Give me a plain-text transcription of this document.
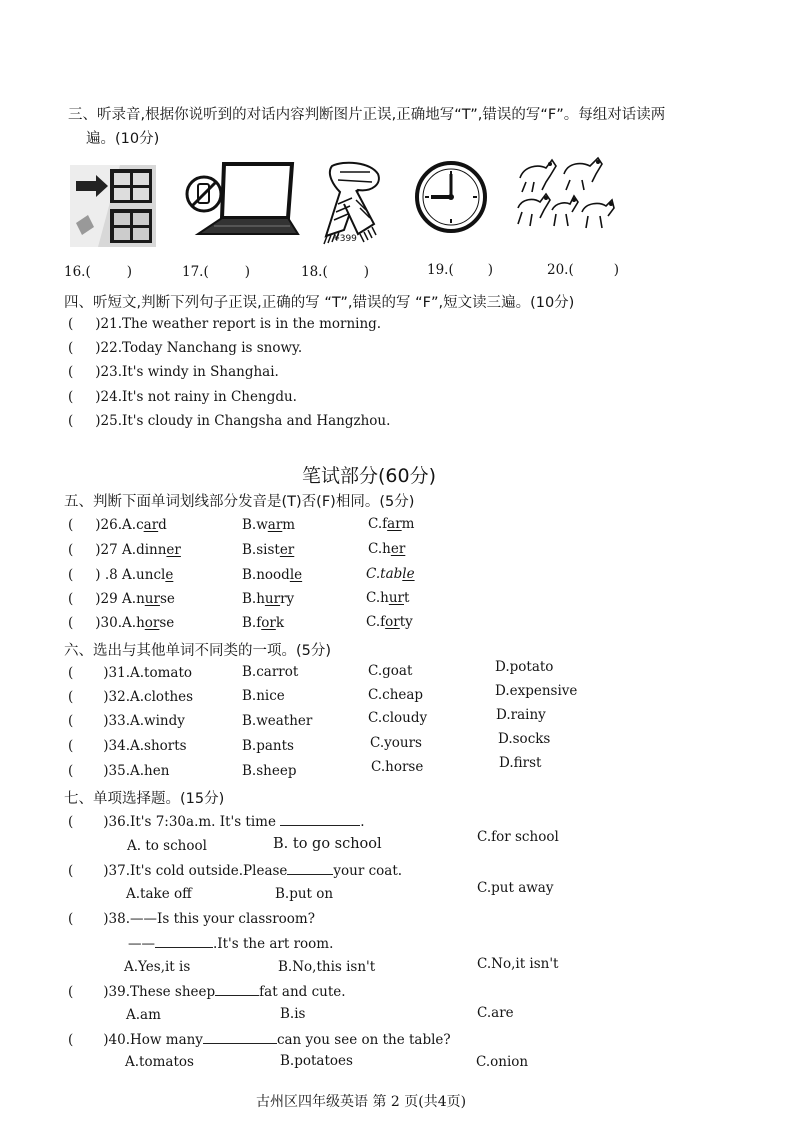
三、听录音,根据你说听到的对话内容判断图片正误,正确地写“T”,错误的写“F”。每组对话读两
遍。(10分)
¥399
16.(	)	17.(	)	18.(	)	19.(	)	20.(	)
四、听短文,判断下列句子正误,正确的写 “T”,错误的写 “F”,短文读三遍。(10分)
( )21.The weather report is in the morning.
( )22.Today Nanchang is snowy.
( )23.It's windy in Shanghai.
( )24.It's not rainy in Chengdu.
( )25.It's cloudy in Changsha and Hangzhou.
笔试部分(60分)
五、判断下面单词划线部分发音是(T)否(F)相同。(5分)
( )26.A.card	B.warm	C.farm
( )27 A.dinner	B.sister	C.her
( ) .8 A.uncle	B.noodle	C.table
( )29 A.nurse	B.hurry	C.hurt
( )30.A.horse	B.fork	C.forty
六、选出与其他单词不同类的一项。(5分)
( )31.A.tomato	B.carrot	C.goat	D.potato
( )32.A.clothes	B.nice	C.cheap	D.expensive
( )33.A.windy	B.weather	C.cloudy	D.rainy
( )34.A.shorts	B.pants	C.yours	D.socks
( )35.A.hen	B.sheep	C.horse	D.first
七、单项选择题。(15分)
( )36.It's 7:30a.m. It's time	.
A. to school	B. to go school	C.for school
( )37.It's cold outside.Please	your coat.
A.take off	B.put on	C.put away
( )38.——Is this your classroom?
——	.It's the art room.
A.Yes,it is	B.No,this isn't	C.No,it isn't
( )39.These sheep	fat and cute.
A.am	B.is	C.are
( )40.How many	can you see on the table?
A.tomatos	B.potatoes	C.onion
古州区四年级英语 第 2 页(共4页)
